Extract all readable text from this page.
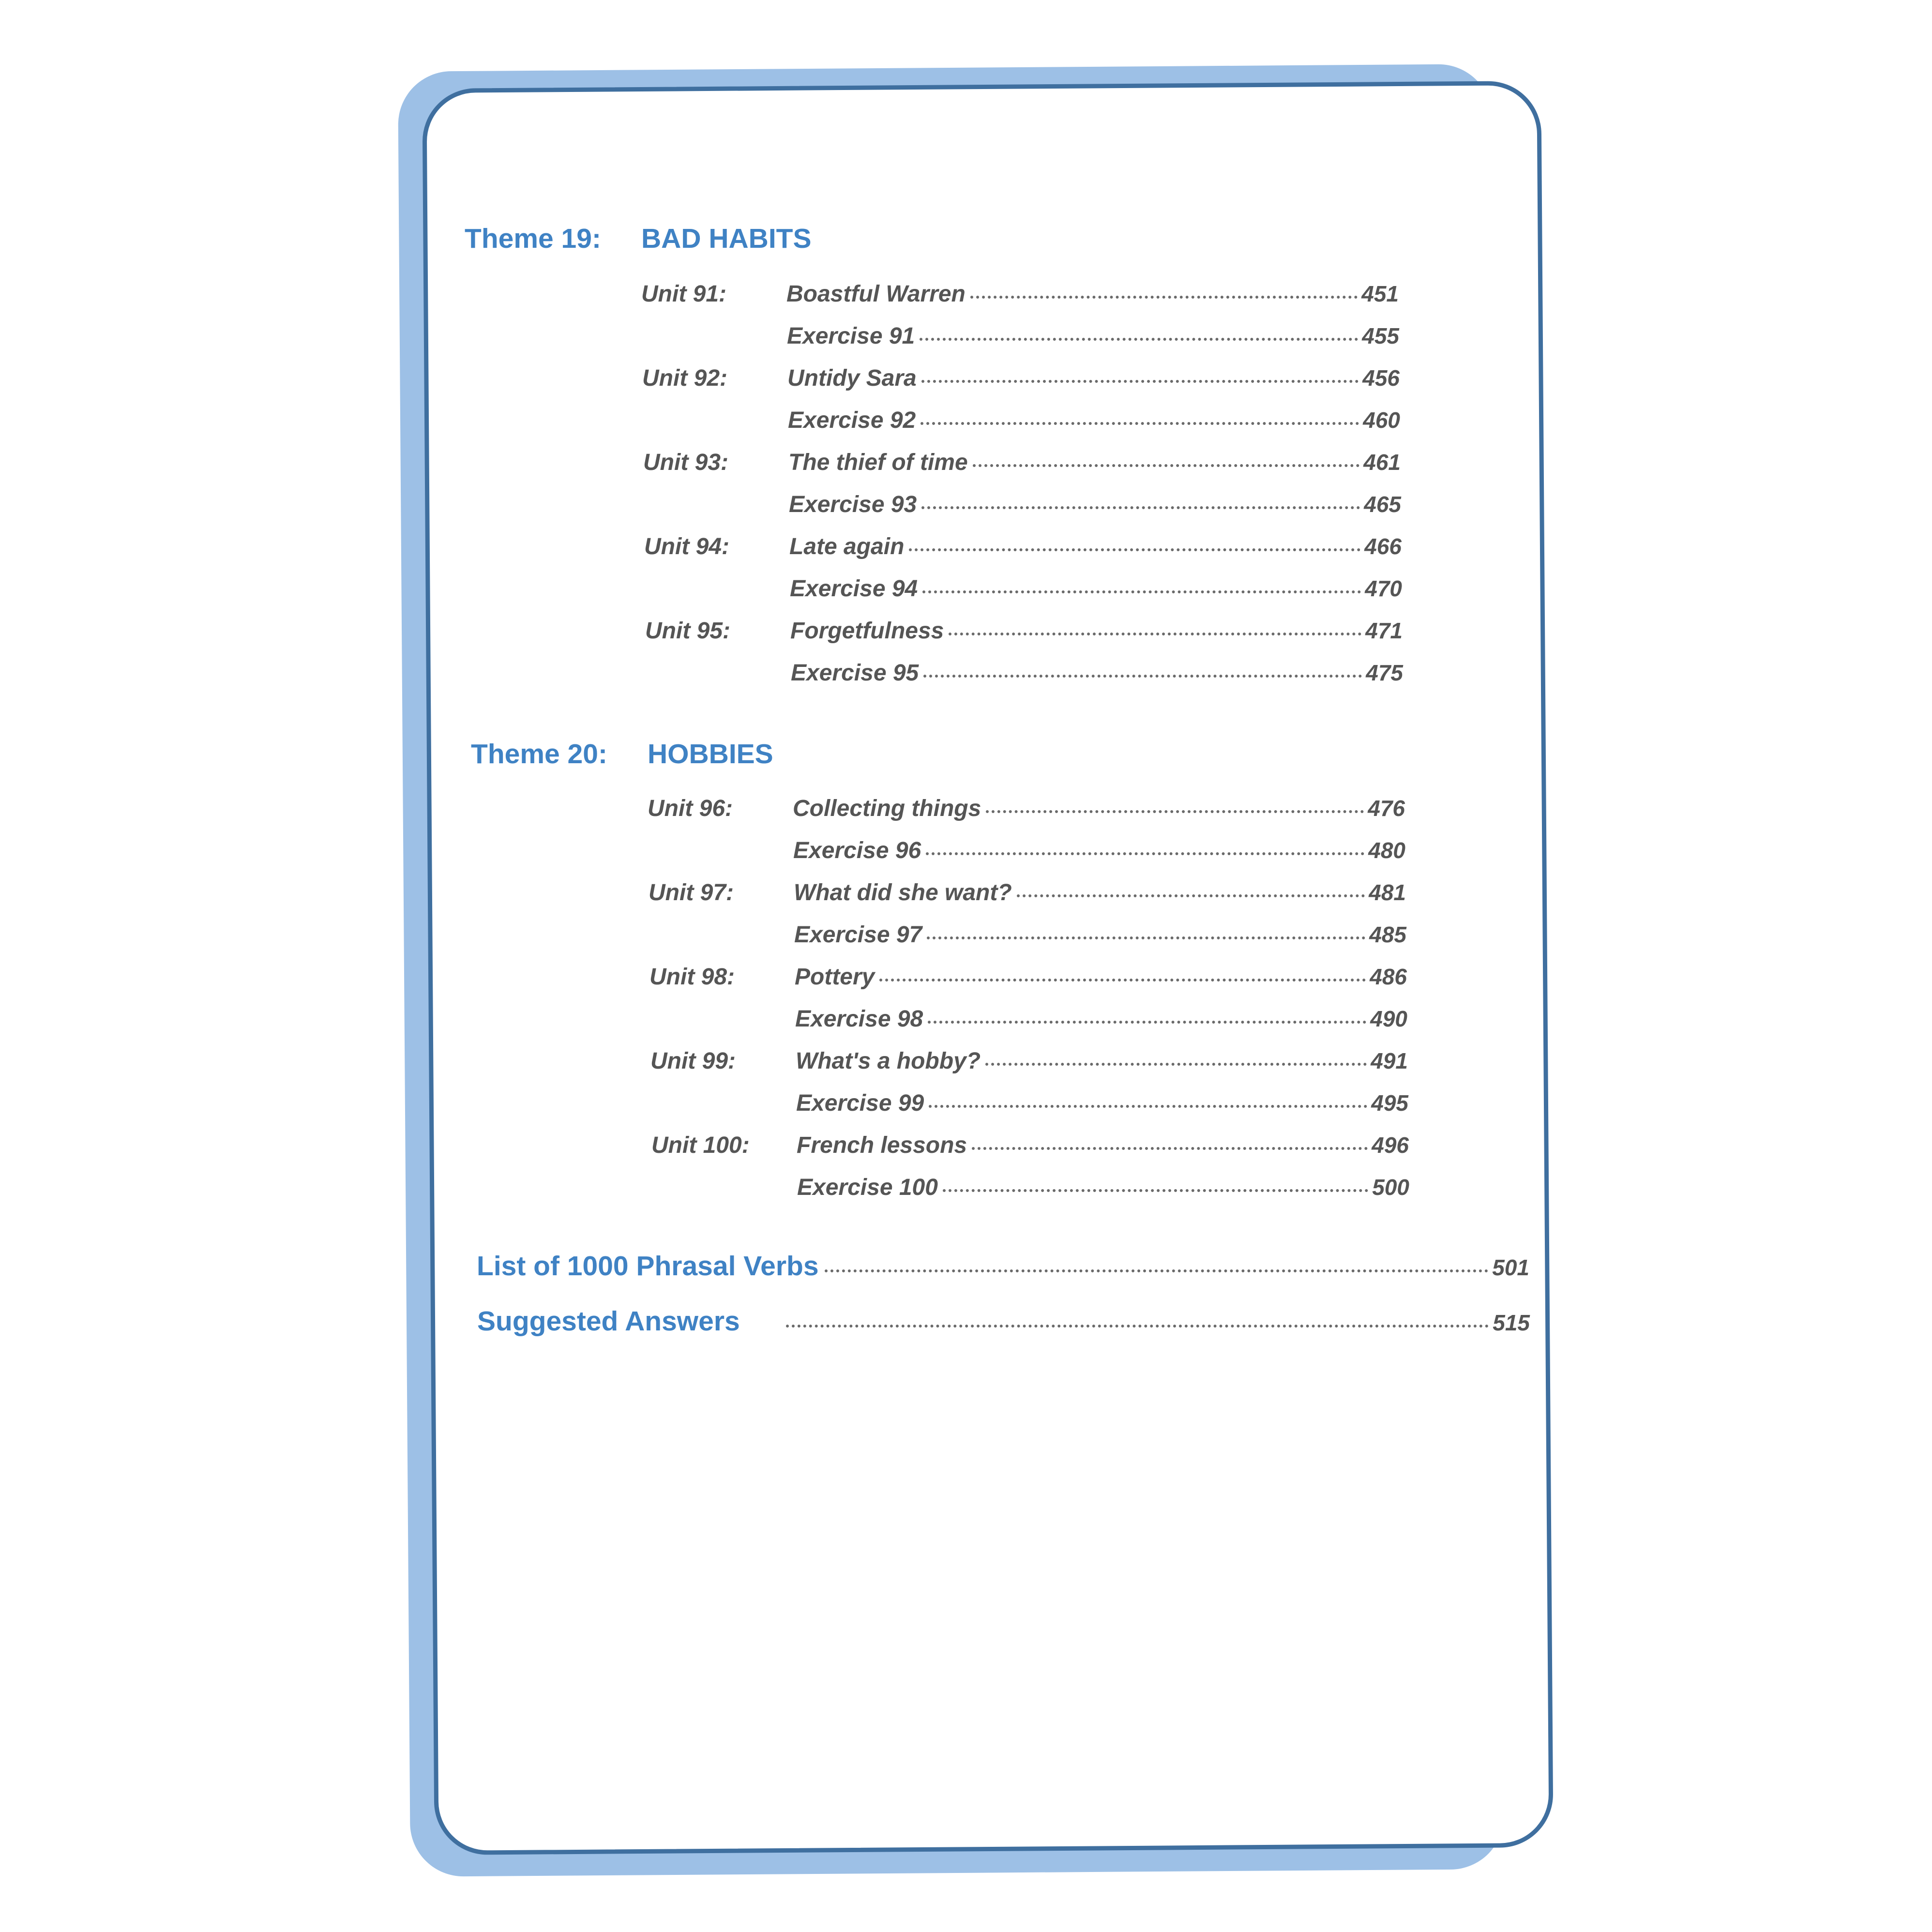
Theme 19: BAD HABITS
Unit 91:	Boastful Warren	451
Exercise 91	455
Unit 92:	Untidy Sara	456
Exercise 92	460
Unit 93:	The thief of time	461
Exercise 93	465
Unit 94:	Late again	466
Exercise 94	470
Unit 95:	Forgetfulness	471
Exercise 95	475
Theme 20: HOBBIES
Unit 96:	Collecting things	476
Exercise 96	480
Unit 97:	What did she want?	481
Exercise 97	485
Unit 98:	Pottery	486
Exercise 98	490
Unit 99:	What's a hobby?	491
Exercise 99	495
Unit 100: French lessons	496
Exercise 100	500
List of 1000 Phrasal Verbs	501
Suggested Answers	515
